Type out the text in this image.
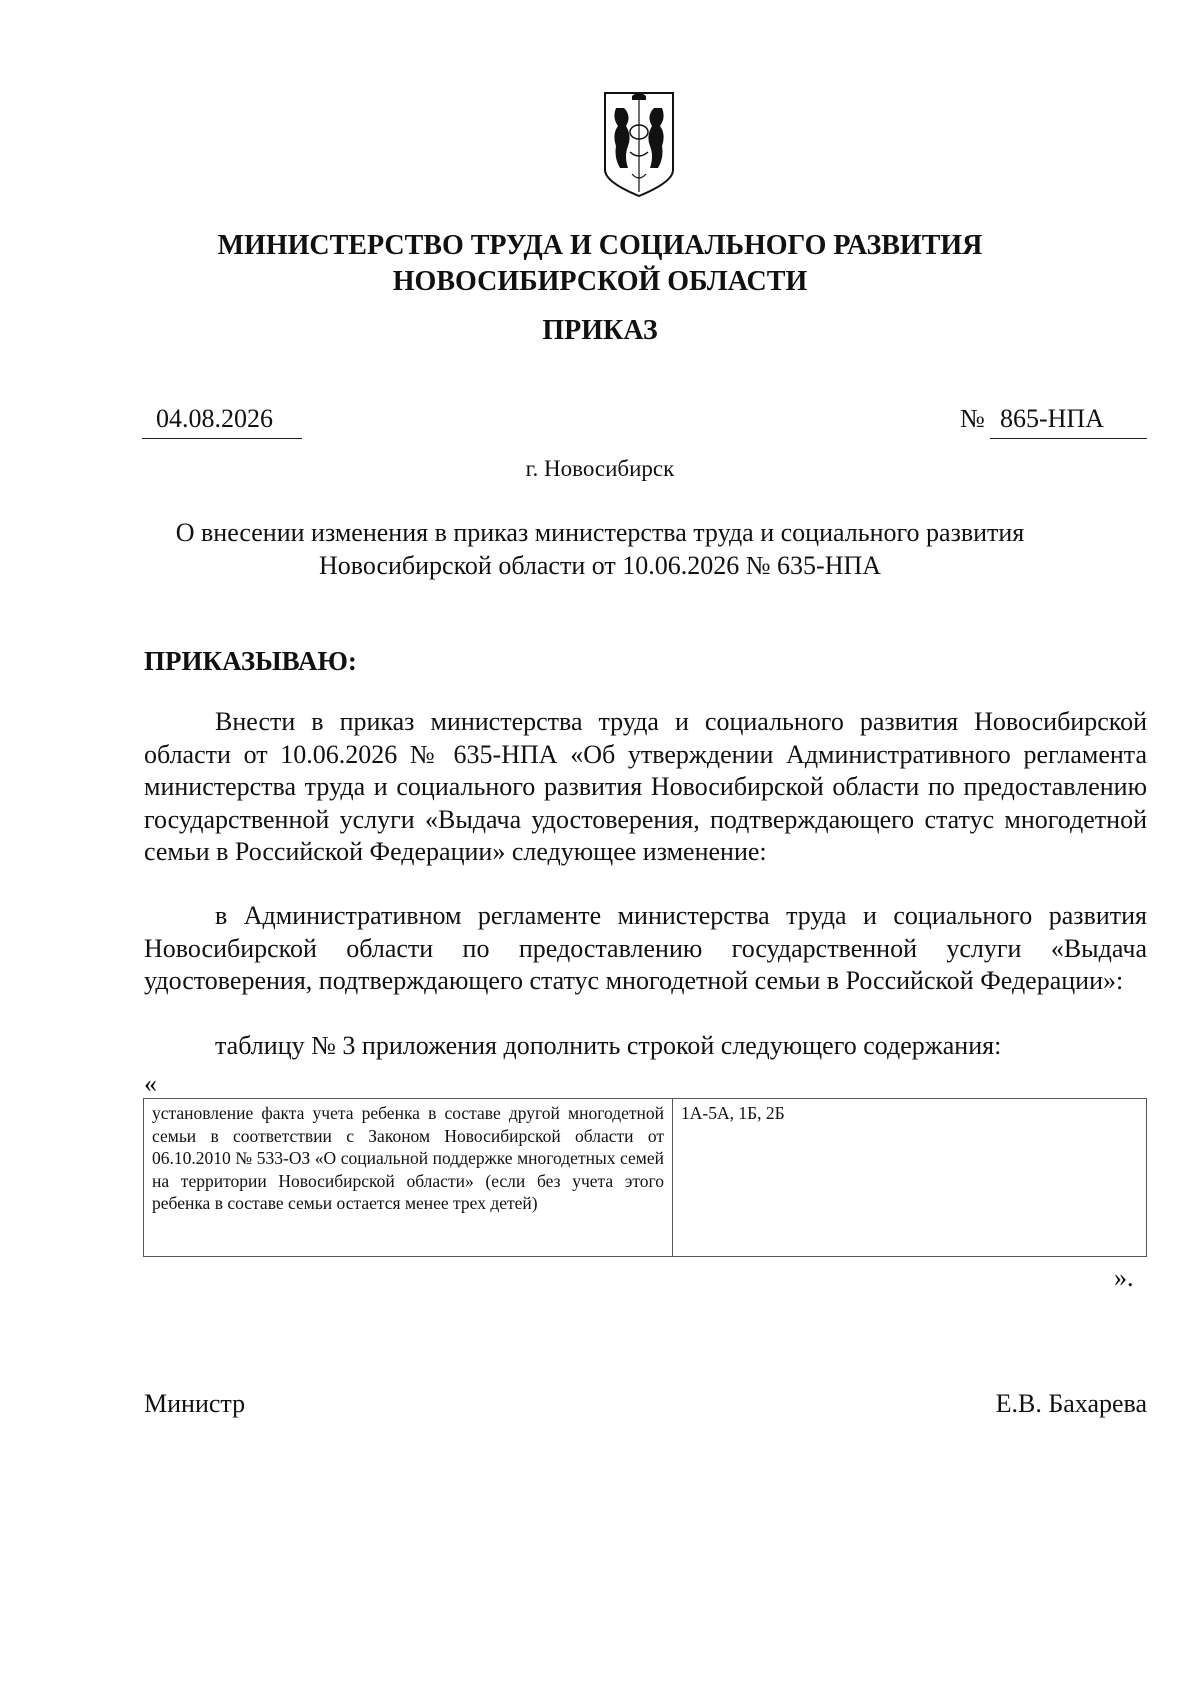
МИНИСТЕРСТВО ТРУДА И СОЦИАЛЬНОГО РАЗВИТИЯ
НОВОСИБИРСКОЙ ОБЛАСТИ
ПРИКАЗ
04.08.2026	№ 865-НПА
г. Новосибирск
О внесении изменения в приказ министерства труда и социального развития
Новосибирской области от 10.06.2026 № 635-НПА
ПРИКАЗЫВАЮ:
Внести в приказ министерства труда и социального развития Новосибирской области от 10.06.2026 № 635-НПА «Об утверждении Административного регламента министерства труда и социального развития Новосибирской области по предоставлению государственной услуги «Выдача удостоверения, подтверждающего статус многодетной семьи в Российской Федерации» следующее изменение:
в Административном регламенте министерства труда и социального развития Новосибирской области по предоставлению государственной услуги «Выдача удостоверения, подтверждающего статус многодетной семьи в Российской Федерации»:
таблицу № 3 приложения дополнить строкой следующего содержания:
«
установление факта учета ребенка в составе другой многодетной семьи в соответствии с Законом Новосибирской области от 06.10.2010 № 533-ОЗ «О социальной поддержке многодетных семей на территории Новосибирской области» (если без учета этого ребенка в составе семьи остается менее трех детей)	1А-5А, 1Б, 2Б
».
Министр	Е.В. Бахарева
